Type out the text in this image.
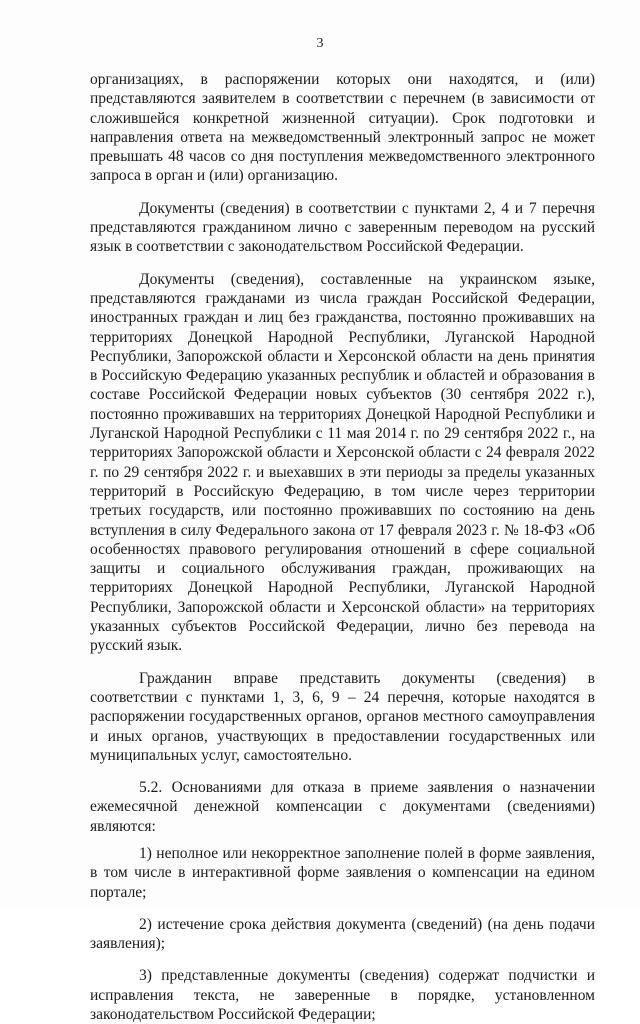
3

организациях, в распоряжении которых они находятся, и (или) представляются заявителем в соответствии с перечнем (в зависимости от сложившейся конкретной жизненной ситуации). Срок подготовки и направления ответа на межведомственный электронный запрос не может превышать 48 часов со дня поступления межведомственного электронного запроса в орган и (или) организацию.

Документы (сведения) в соответствии с пунктами 2, 4 и 7 перечня представляются гражданином лично с заверенным переводом на русский язык в соответствии с законодательством Российской Федерации.

Документы (сведения), составленные на украинском языке, представляются гражданами из числа граждан Российской Федерации, иностранных граждан и лиц без гражданства, постоянно проживавших на территориях Донецкой Народной Республики, Луганской Народной Республики, Запорожской области и Херсонской области на день принятия в Российскую Федерацию указанных республик и областей и образования в составе Российской Федерации новых субъектов (30 сентября 2022 г.), постоянно проживавших на территориях Донецкой Народной Республики и Луганской Народной Республики с 11 мая 2014 г. по 29 сентября 2022 г., на территориях Запорожской области и Херсонской области с 24 февраля 2022 г. по 29 сентября 2022 г. и выехавших в эти периоды за пределы указанных территорий в Российскую Федерацию, в том числе через территории третьих государств, или постоянно проживавших по состоянию на день вступления в силу Федерального закона от 17 февраля 2023 г. № 18-ФЗ «Об особенностях правового регулирования отношений в сфере социальной защиты и социального обслуживания граждан, проживающих на территориях Донецкой Народной Республики, Луганской Народной Республики, Запорожской области и Херсонской области» на территориях указанных субъектов Российской Федерации, лично без перевода на русский язык.

Гражданин вправе представить документы (сведения) в соответствии с пунктами 1, 3, 6, 9 – 24 перечня, которые находятся в распоряжении государственных органов, органов местного самоуправления и иных органов, участвующих в предоставлении государственных или муниципальных услуг, самостоятельно.

5.2. Основаниями для отказа в приеме заявления о назначении ежемесячной денежной компенсации с документами (сведениями) являются:

1) неполное или некорректное заполнение полей в форме заявления, в том числе в интерактивной форме заявления о компенсации на едином портале;

2) истечение срока действия документа (сведений) (на день подачи заявления);

3) представленные документы (сведения) содержат подчистки и исправления текста, не заверенные в порядке, установленном законодательством Российской Федерации;
